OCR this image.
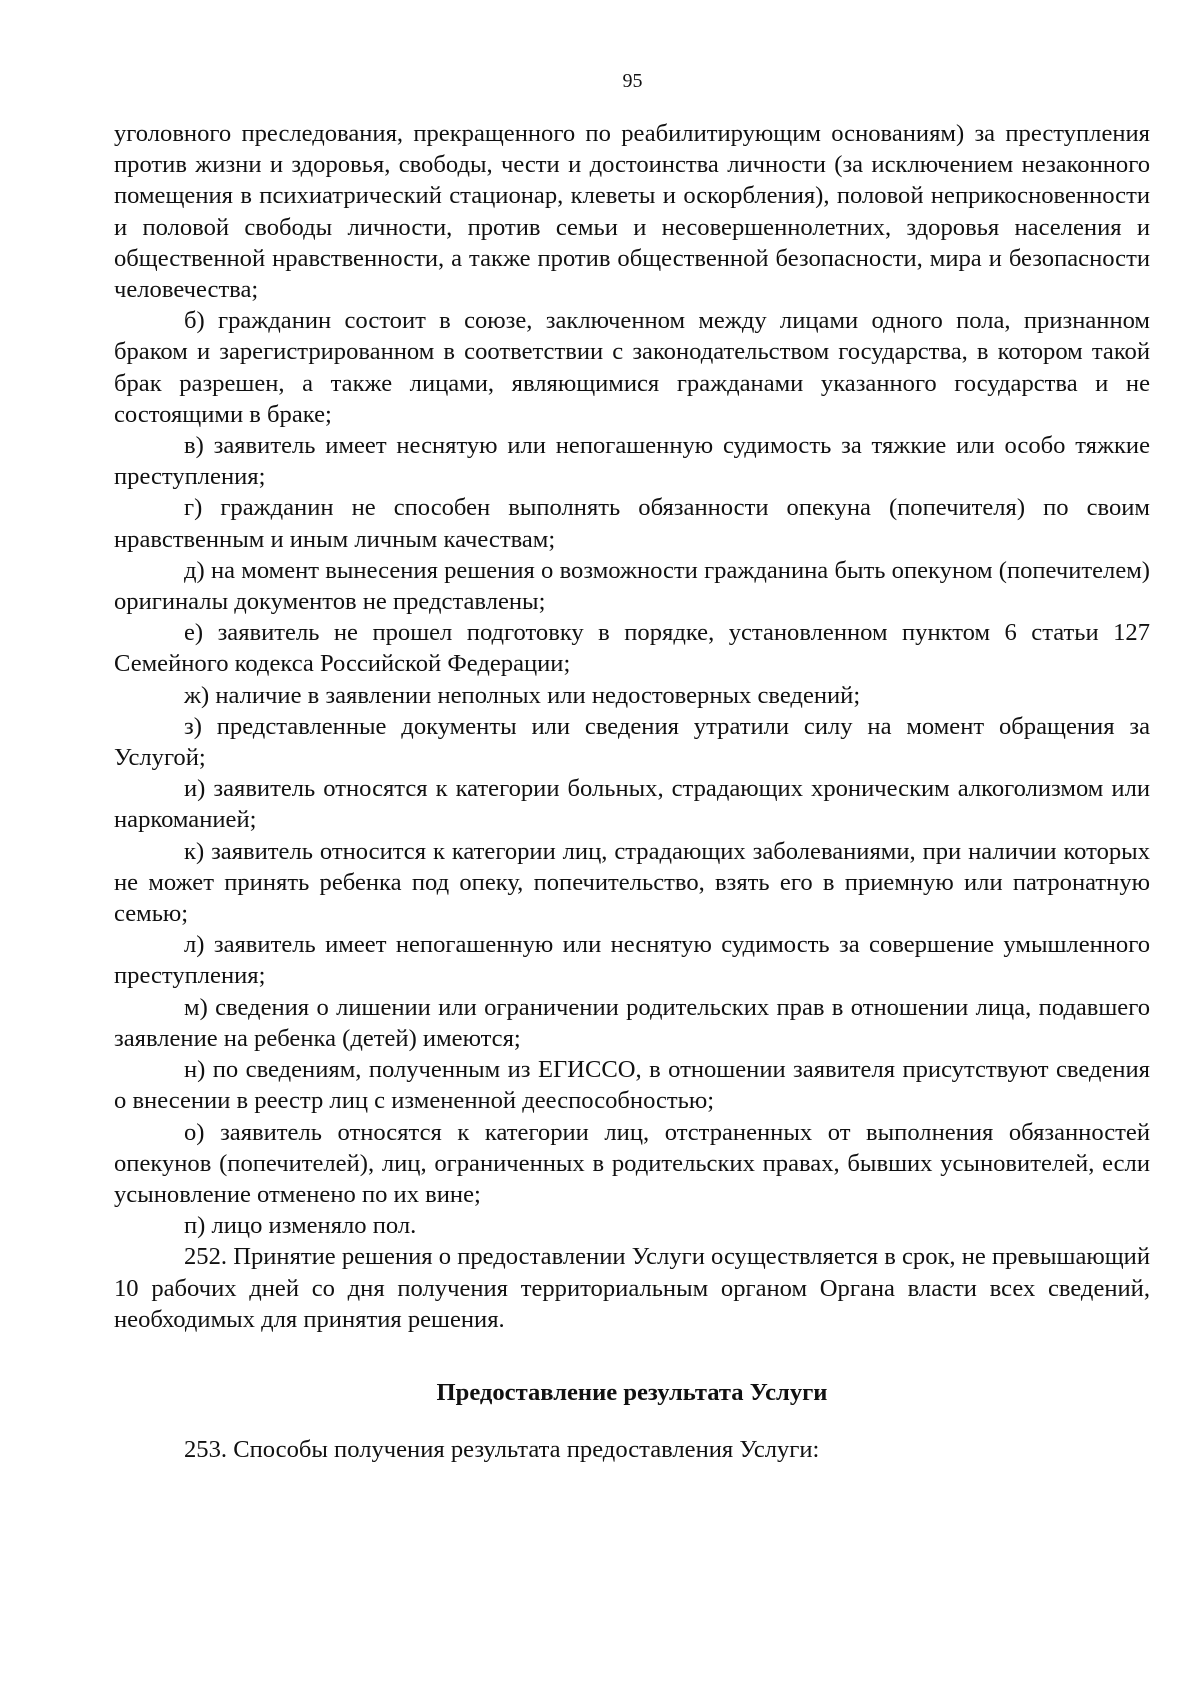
95

уголовного преследования, прекращенного по реабилитирующим основаниям) за преступления против жизни и здоровья, свободы, чести и достоинства личности (за исключением незаконного помещения в психиатрический стационар, клеветы и оскорбления), половой неприкосновенности и половой свободы личности, против семьи и несовершеннолетних, здоровья населения и общественной нравственности, а также против общественной безопасности, мира и безопасности человечества;

б) гражданин состоит в союзе, заключенном между лицами одного пола, признанном браком и зарегистрированном в соответствии с законодательством государства, в котором такой брак разрешен, а также лицами, являющимися гражданами указанного государства и не состоящими в браке;

в) заявитель имеет неснятую или непогашенную судимость за тяжкие или особо тяжкие преступления;

г) гражданин не способен выполнять обязанности опекуна (попечителя) по своим нравственным и иным личным качествам;

д) на момент вынесения решения о возможности гражданина быть опекуном (попечителем) оригиналы документов не представлены;

е) заявитель не прошел подготовку в порядке, установленном пунктом 6 статьи 127 Семейного кодекса Российской Федерации;

ж) наличие в заявлении неполных или недостоверных сведений;

з) представленные документы или сведения утратили силу на момент обращения за Услугой;

и) заявитель относятся к категории больных, страдающих хроническим алкоголизмом или наркоманией;

к) заявитель относится к категории лиц, страдающих заболеваниями, при наличии которых не может принять ребенка под опеку, попечительство, взять его в приемную или патронатную семью;

л) заявитель имеет непогашенную или неснятую судимость за совершение умышленного преступления;

м) сведения о лишении или ограничении родительских прав в отношении лица, подавшего заявление на ребенка (детей) имеются;

н) по сведениям, полученным из ЕГИССО, в отношении заявителя присутствуют сведения о внесении в реестр лиц с измененной дееспособностью;

о) заявитель относятся к категории лиц, отстраненных от выполнения обязанностей опекунов (попечителей), лиц, ограниченных в родительских правах, бывших усыновителей, если усыновление отменено по их вине;

п) лицо изменяло пол.

252. Принятие решения о предоставлении Услуги осуществляется в срок, не превышающий 10 рабочих дней со дня получения территориальным органом Органа власти всех сведений, необходимых для принятия решения.

Предоставление результата Услуги

253. Способы получения результата предоставления Услуги:
